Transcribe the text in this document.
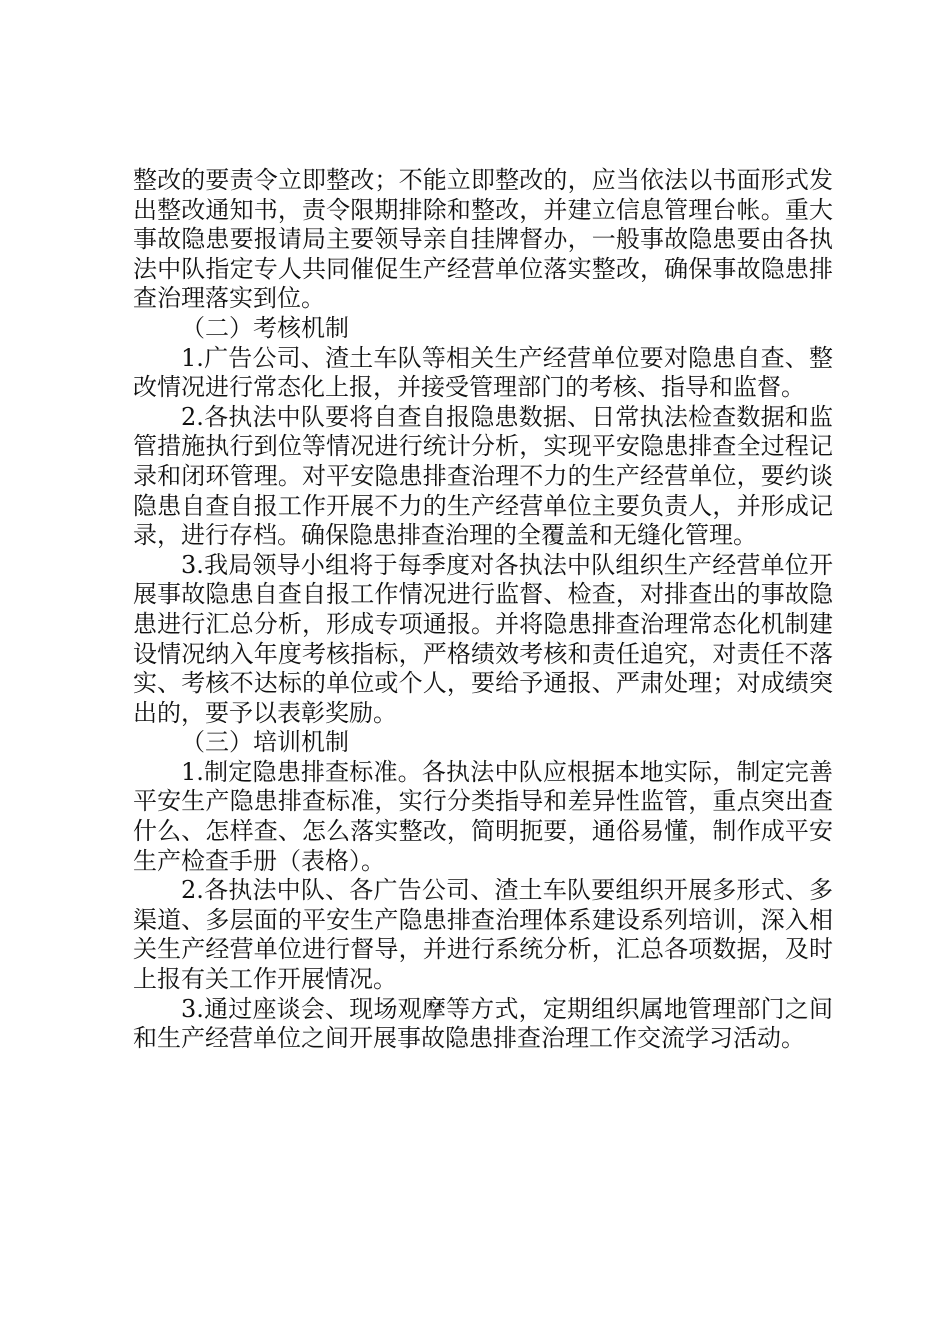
整改的要责令立即整改；不能立即整改的，应当依法以书面形式发出整改通知书，责令限期排除和整改，并建立信息管理台帐。重大事故隐患要报请局主要领导亲自挂牌督办，一般事故隐患要由各执法中队指定专人共同催促生产经营单位落实整改，确保事故隐患排查治理落实到位。

（二）考核机制

1.广告公司、渣土车队等相关生产经营单位要对隐患自查、整改情况进行常态化上报，并接受管理部门的考核、指导和监督。

2.各执法中队要将自查自报隐患数据、日常执法检查数据和监管措施执行到位等情况进行统计分析，实现平安隐患排查全过程记录和闭环管理。对平安隐患排查治理不力的生产经营单位，要约谈隐患自查自报工作开展不力的生产经营单位主要负责人，并形成记录，进行存档。确保隐患排查治理的全覆盖和无缝化管理。

3.我局领导小组将于每季度对各执法中队组织生产经营单位开展事故隐患自查自报工作情况进行监督、检查，对排查出的事故隐患进行汇总分析，形成专项通报。并将隐患排查治理常态化机制建设情况纳入年度考核指标，严格绩效考核和责任追究，对责任不落实、考核不达标的单位或个人，要给予通报、严肃处理；对成绩突出的，要予以表彰奖励。

（三）培训机制

1.制定隐患排查标准。各执法中队应根据本地实际，制定完善平安生产隐患排查标准，实行分类指导和差异性监管，重点突出查什么、怎样查、怎么落实整改，简明扼要，通俗易懂，制作成平安生产检查手册（表格）。

2.各执法中队、各广告公司、渣土车队要组织开展多形式、多渠道、多层面的平安生产隐患排查治理体系建设系列培训，深入相关生产经营单位进行督导，并进行系统分析，汇总各项数据，及时上报有关工作开展情况。

3.通过座谈会、现场观摩等方式，定期组织属地管理部门之间和生产经营单位之间开展事故隐患排查治理工作交流学习活动。
